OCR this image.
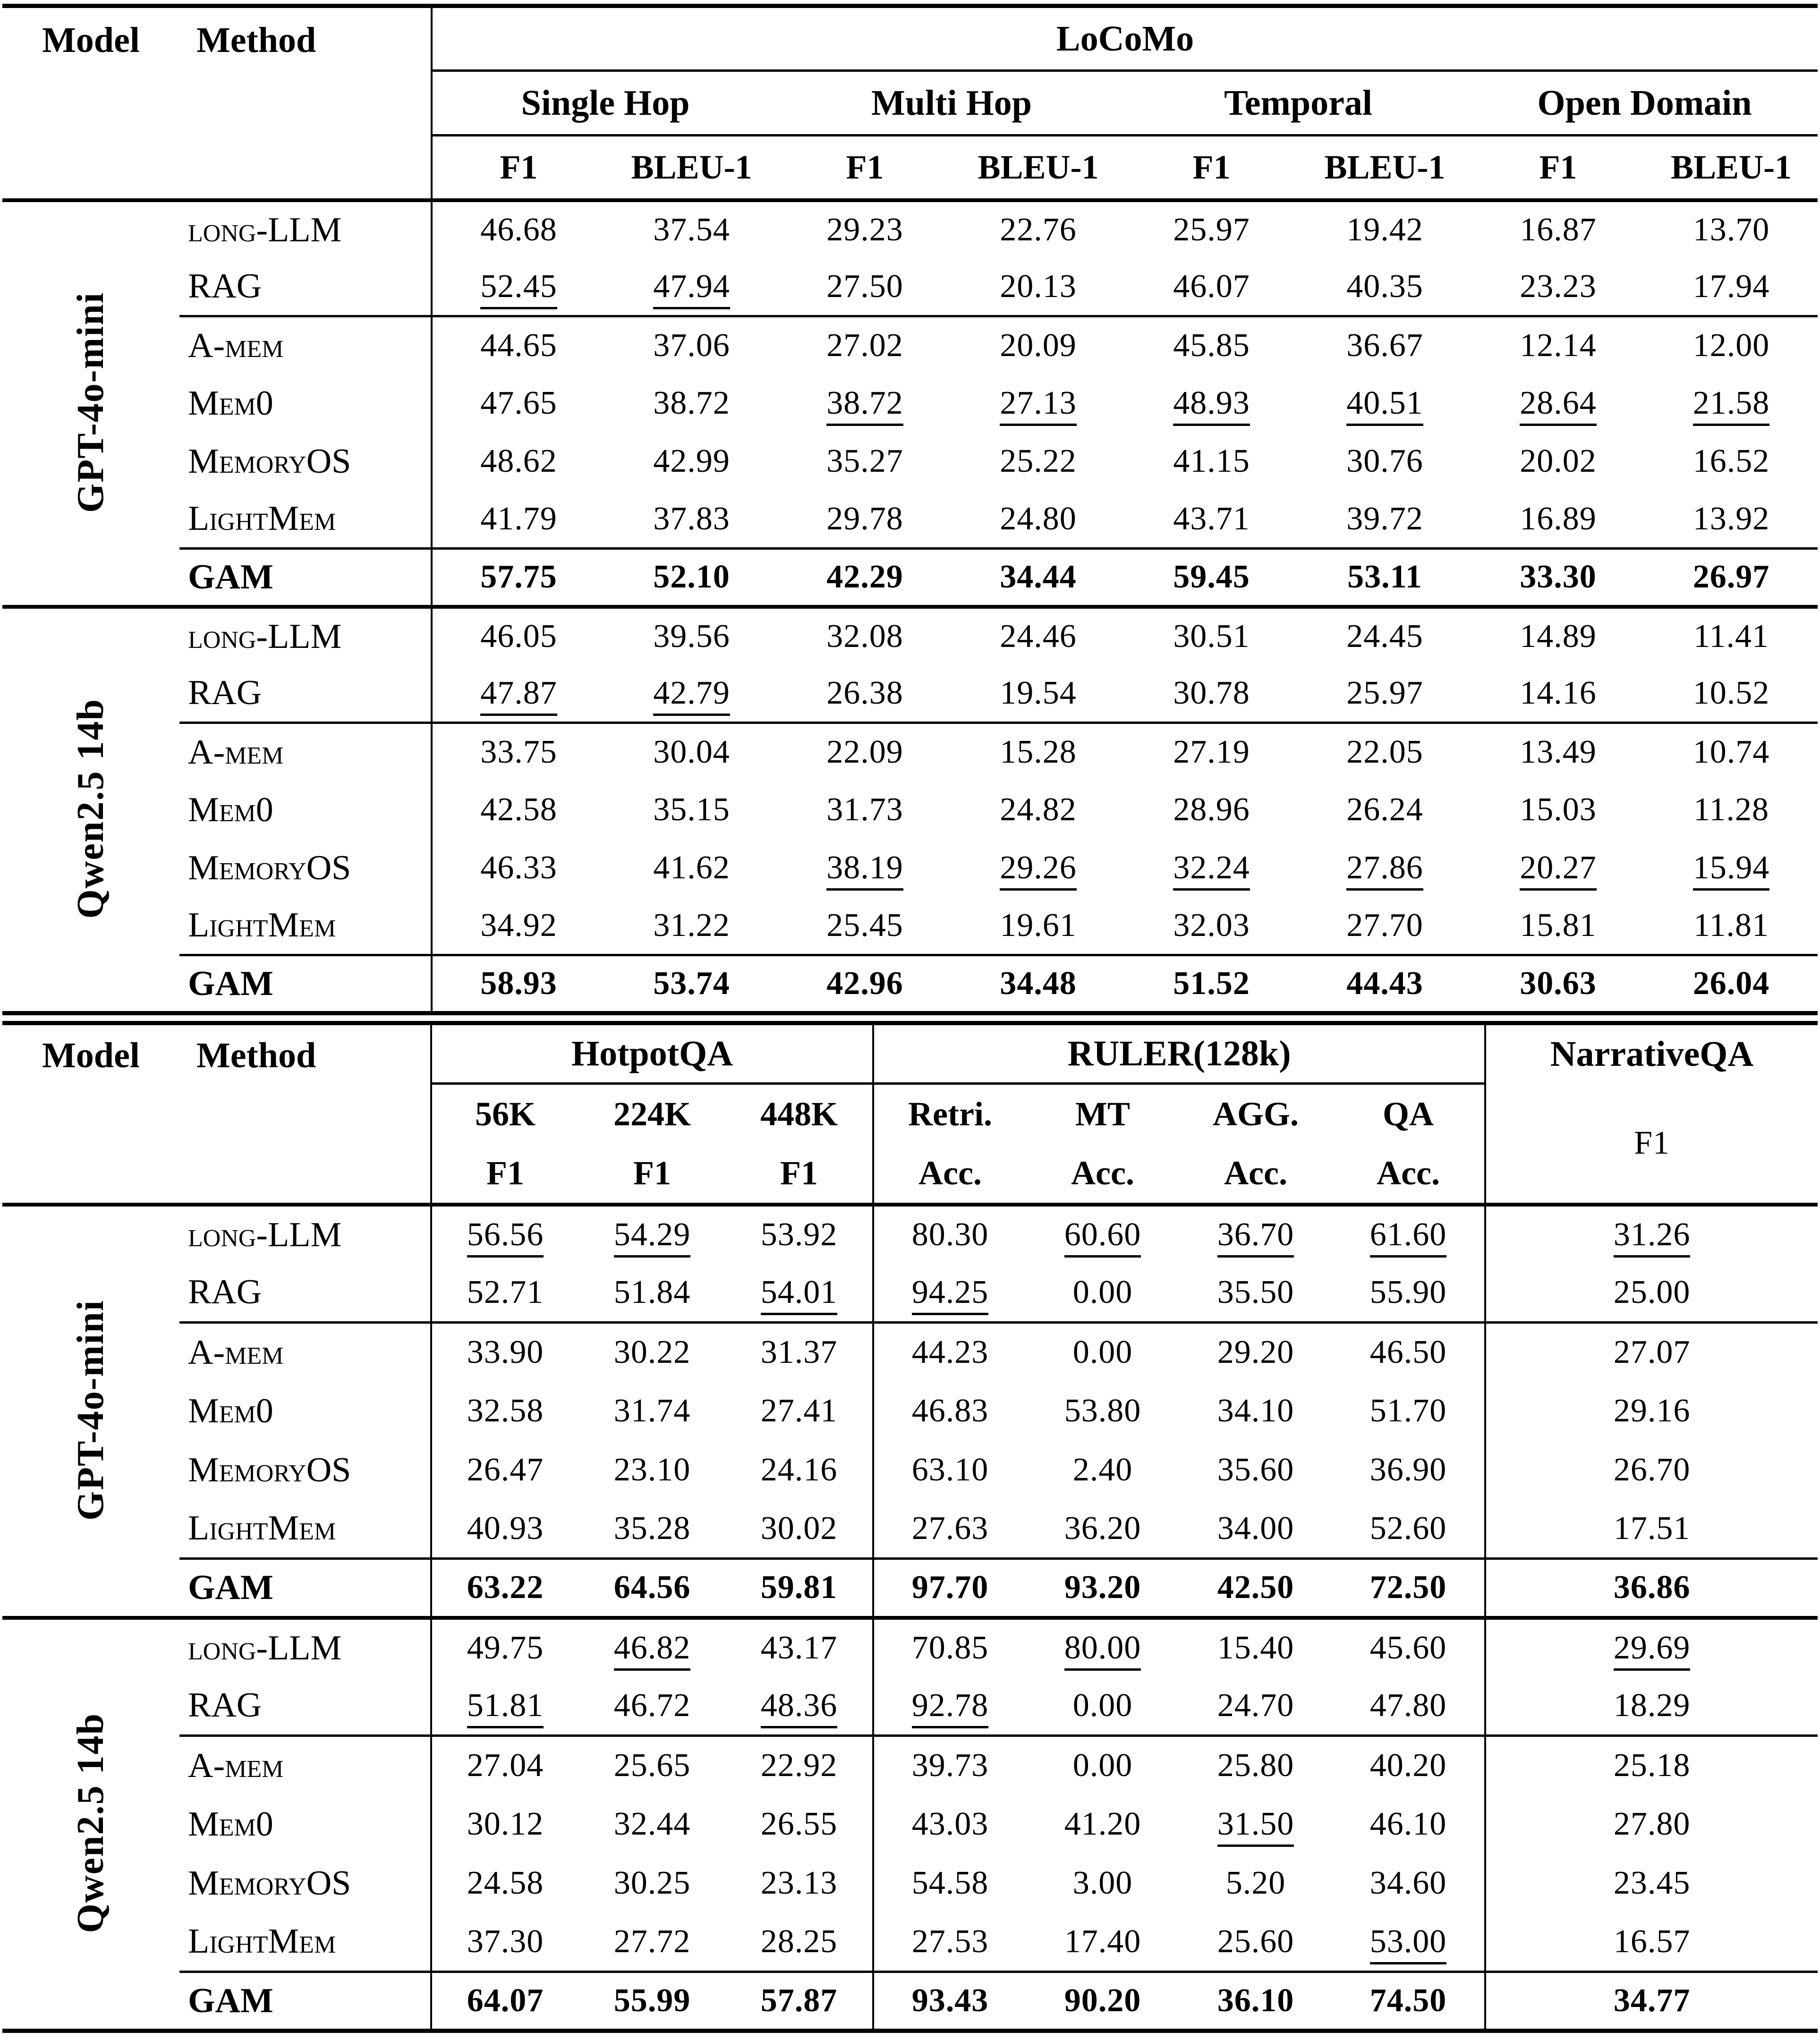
Model	Method	LoCoMo							
		Single Hop		Multi Hop		Temporal		Open Domain	
		F1	BLEU-1	F1	BLEU-1	F1	BLEU-1	F1	BLEU-1
GPT-4o-mini	long-LLM	46.68	37.54	29.23	22.76	25.97	19.42	16.87	13.70
	RAG	52.45	47.94	27.50	20.13	46.07	40.35	23.23	17.94
	A-mem	44.65	37.06	27.02	20.09	45.85	36.67	12.14	12.00
	Mem0	47.65	38.72	38.72	27.13	48.93	40.51	28.64	21.58
	MemoryOS	48.62	42.99	35.27	25.22	41.15	30.76	20.02	16.52
	LightMem	41.79	37.83	29.78	24.80	43.71	39.72	16.89	13.92
	GAM	57.75	52.10	42.29	34.44	59.45	53.11	33.30	26.97
Qwen2.5 14b	long-LLM	46.05	39.56	32.08	24.46	30.51	24.45	14.89	11.41
	RAG	47.87	42.79	26.38	19.54	30.78	25.97	14.16	10.52
	A-mem	33.75	30.04	22.09	15.28	27.19	22.05	13.49	10.74
	Mem0	42.58	35.15	31.73	24.82	28.96	26.24	15.03	11.28
	MemoryOS	46.33	41.62	38.19	29.26	32.24	27.86	20.27	15.94
	LightMem	34.92	31.22	25.45	19.61	32.03	27.70	15.81	11.81
	GAM	58.93	53.74	42.96	34.48	51.52	44.43	30.63	26.04
Model	Method	HotpotQA			RULER(128k)				NarrativeQA
		56K	224K	448K	Retri.	MT	AGG.	QA	F1
		F1	F1	F1	Acc.	Acc.	Acc.	Acc.	
GPT-4o-mini	long-LLM	56.56	54.29	53.92	80.30	60.60	36.70	61.60	31.26
	RAG	52.71	51.84	54.01	94.25	0.00	35.50	55.90	25.00
	A-mem	33.90	30.22	31.37	44.23	0.00	29.20	46.50	27.07
	Mem0	32.58	31.74	27.41	46.83	53.80	34.10	51.70	29.16
	MemoryOS	26.47	23.10	24.16	63.10	2.40	35.60	36.90	26.70
	LightMem	40.93	35.28	30.02	27.63	36.20	34.00	52.60	17.51
	GAM	63.22	64.56	59.81	97.70	93.20	42.50	72.50	36.86
Qwen2.5 14b	long-LLM	49.75	46.82	43.17	70.85	80.00	15.40	45.60	29.69
	RAG	51.81	46.72	48.36	92.78	0.00	24.70	47.80	18.29
	A-mem	27.04	25.65	22.92	39.73	0.00	25.80	40.20	25.18
	Mem0	30.12	32.44	26.55	43.03	41.20	31.50	46.10	27.80
	MemoryOS	24.58	30.25	23.13	54.58	3.00	5.20	34.60	23.45
	LightMem	37.30	27.72	28.25	27.53	17.40	25.60	53.00	16.57
	GAM	64.07	55.99	57.87	93.43	90.20	36.10	74.50	34.77
